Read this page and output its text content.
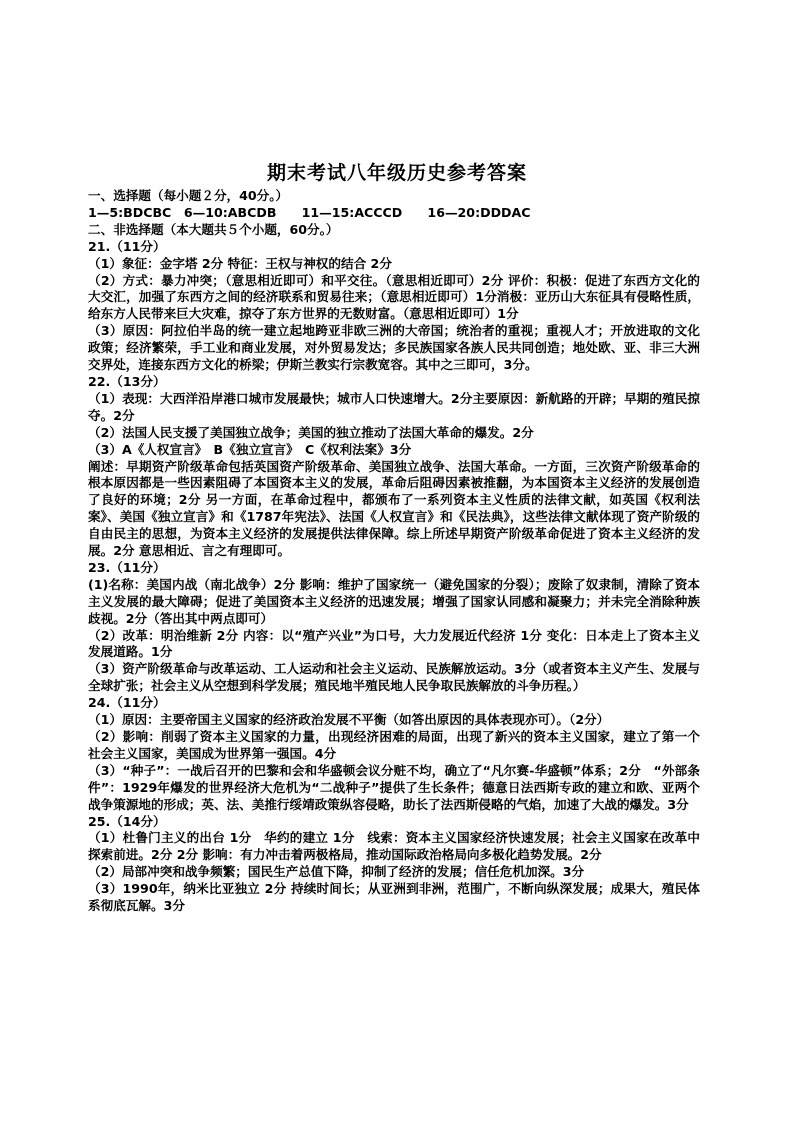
期末考试八年级历史参考答案

一、选择题（每小题２分，40分。）

1—5:BDCBC　6—10:ABCDB　　11—15:ACCCD　　16—20:DDDAC

二、非选择题（本大题共５个小题，60分。）

21.（11分）

（1）象征：金字塔 2分 特征：王权与神权的结合 2分

（2）方式：暴力冲突；（意思相近即可）和平交往。（意思相近即可）2分 评价：积极：促进了东西方文化的大交汇，加强了东西方之间的经济联系和贸易往来；（意思相近即可）1分消极：亚历山大东征具有侵略性质，给东方人民带来巨大灾难，掠夺了东方世界的无数财富。（意思相近即可）1分

（3）原因：阿拉伯半岛的统一建立起地跨亚非欧三洲的大帝国；统治者的重视；重视人才；开放进取的文化政策；经济繁荣，手工业和商业发展，对外贸易发达；多民族国家各族人民共同创造；地处欧、亚、非三大洲交界处，连接东西方文化的桥梁；伊斯兰教实行宗教宽容。其中之三即可，3分。

22.（13分）

（1）表现：大西洋沿岸港口城市发展最快；城市人口快速增大。2分主要原因：新航路的开辟；早期的殖民掠夺。2分

（2）法国人民支援了美国独立战争；美国的独立推动了法国大革命的爆发。2分

（3）A《人权宣言》　B《独立宣言》　C《权利法案》3分

阐述：早期资产阶级革命包括英国资产阶级革命、美国独立战争、法国大革命。一方面，三次资产阶级革命的根本原因都是一些因素阻碍了本国资本主义的发展，革命后阻碍因素被推翻，为本国资本主义经济的发展创造了良好的环境；2分 另一方面，在革命过程中，都颁布了一系列资本主义性质的法律文献，如英国《权利法案》、美国《独立宣言》和《1787年宪法》、法国《人权宣言》和《民法典》，这些法律文献体现了资产阶级的自由民主的思想，为资本主义经济的发展提供法律保障。综上所述早期资产阶级革命促进了资本主义经济的发展。2分 意思相近、言之有理即可。

23.（11分）

(1)名称：美国内战（南北战争）2分 影响：维护了国家统一（避免国家的分裂）；废除了奴隶制，清除了资本主义发展的最大障碍；促进了美国资本主义经济的迅速发展；增强了国家认同感和凝聚力；并未完全消除种族歧视。2分（答出其中两点即可）

（2）改革：明治维新 2分 内容：以“殖产兴业”为口号，大力发展近代经济 1分 变化：日本走上了资本主义发展道路。1分

（3）资产阶级革命与改革运动、工人运动和社会主义运动、民族解放运动。3分（或者资本主义产生、发展与全球扩张；社会主义从空想到科学发展；殖民地半殖民地人民争取民族解放的斗争历程。）

24.（11分）

（1）原因：主要帝国主义国家的经济政治发展不平衡（如答出原因的具体表现亦可）。（2分）

（2）影响：削弱了资本主义国家的力量，出现经济困难的局面，出现了新兴的资本主义国家，建立了第一个社会主义国家，美国成为世界第一强国。4分

（3）“种子”：一战后召开的巴黎和会和华盛顿会议分赃不均，确立了“凡尔赛-华盛顿”体系；2分　“外部条件”：1929年爆发的世界经济大危机为“二战种子”提供了生长条件；德意日法西斯专政的建立和欧、亚两个战争策源地的形成；英、法、美推行绥靖政策纵容侵略，助长了法西斯侵略的气焰，加速了大战的爆发。3分

25.（14分）

（1）杜鲁门主义的出台 1分　华约的建立 1分　线索：资本主义国家经济快速发展；社会主义国家在改革中探索前进。2分 2分 影响：有力冲击着两极格局，推动国际政治格局向多极化趋势发展。2分

（2）局部冲突和战争频繁；国民生产总值下降，抑制了经济的发展；信任危机加深。3分

（3）1990年，纳米比亚独立 2分 持续时间长；从亚洲到非洲，范围广，不断向纵深发展；成果大，殖民体系彻底瓦解。3分
